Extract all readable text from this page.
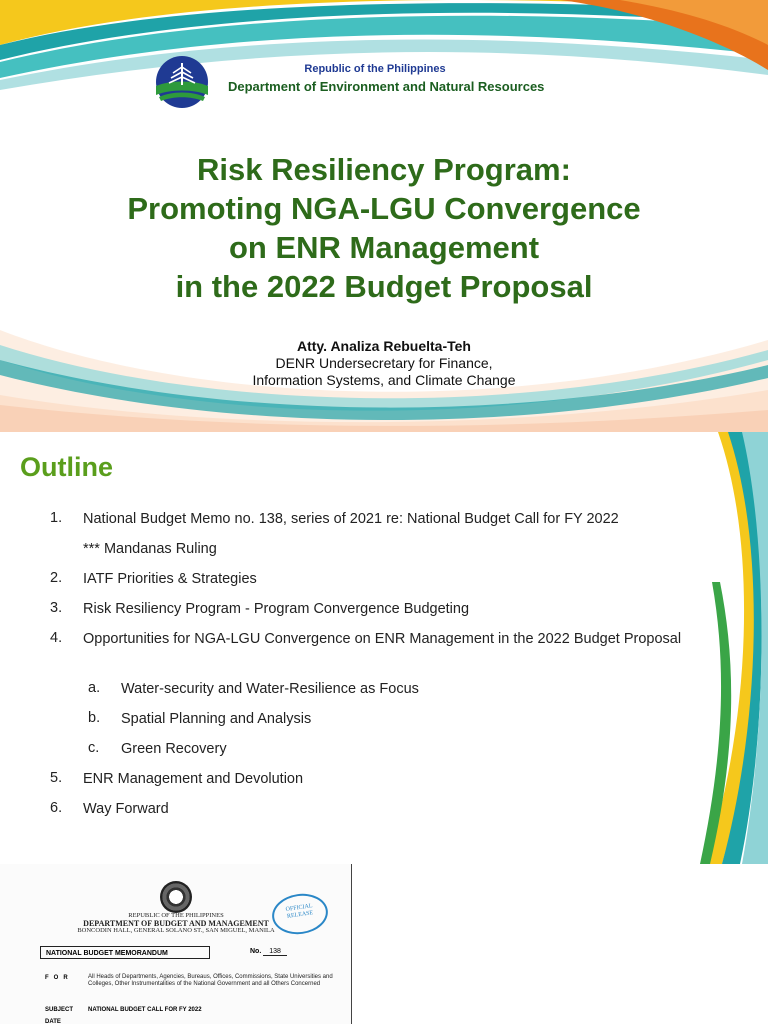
Republic of the Philippines
Department of Environment and Natural Resources
Risk Resiliency Program:
Promoting NGA-LGU Convergence
on ENR Management
in the 2022 Budget Proposal
Atty. Analiza Rebuelta-Teh
DENR Undersecretary for Finance,
Information Systems, and Climate Change
Outline
1. National Budget Memo no. 138, series of 2021 re: National Budget Call for FY 2022
*** Mandanas Ruling
2. IATF Priorities & Strategies
3. Risk Resiliency Program - Program Convergence Budgeting
4. Opportunities for NGA-LGU Convergence on ENR Management in the 2022 Budget Proposal
a. Water-security and Water-Resilience as Focus
b. Spatial Planning and Analysis
c. Green Recovery
5. ENR Management and Devolution
6. Way Forward
REPUBLIC OF THE PHILIPPINES
DEPARTMENT OF BUDGET AND MANAGEMENT
BONCODIN HALL, GENERAL SOLANO ST., SAN MIGUEL, MANILA
OFFICIAL
RELEASE
NATIONAL BUDGET MEMORANDUM	No. 138
FOR	All Heads of Departments, Agencies, Bureaus, Offices, Commissions, State Universities and Colleges, Other Instrumentalities of the National Government and all Others Concerned
SUBJECT NATIONAL BUDGET CALL FOR FY 2022
DATE
